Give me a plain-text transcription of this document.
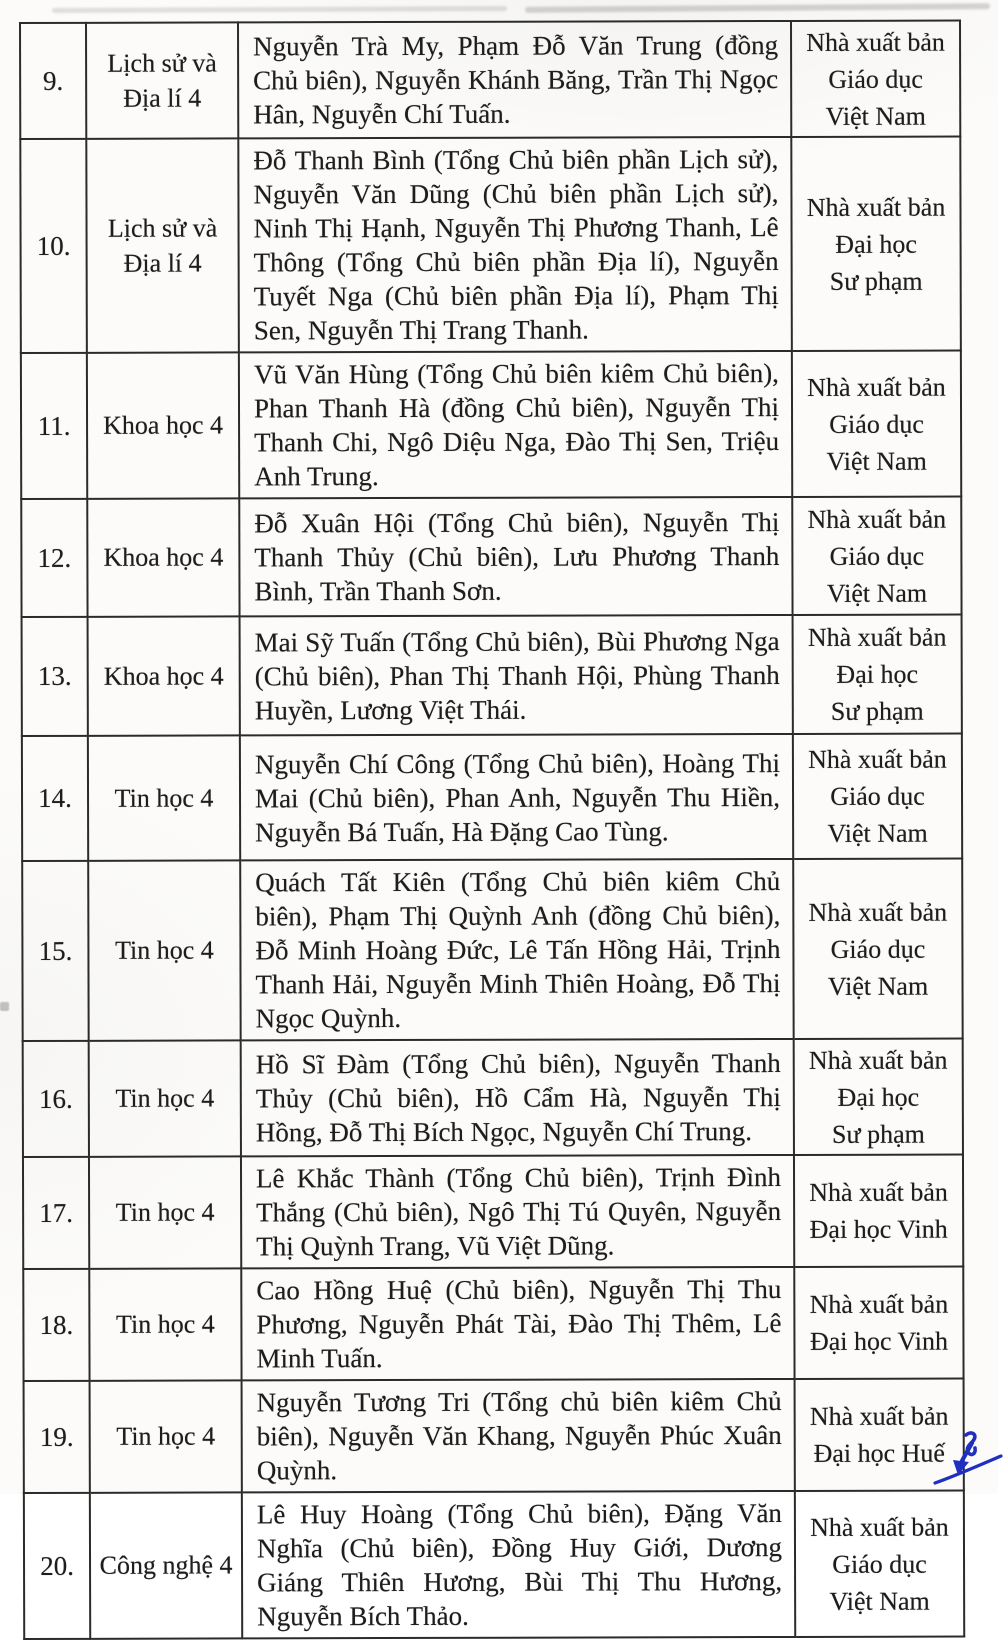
9.	Lịch sử và Địa lí 4	Nguyễn Trà My, Phạm Đỗ Văn Trung (đồng Chủ biên), Nguyễn Khánh Băng, Trần Thị Ngọc Hân, Nguyễn Chí Tuấn.	Nhà xuất bản
Giáo dục
Việt Nam

10.	Lịch sử và Địa lí 4	Đỗ Thanh Bình (Tổng Chủ biên phần Lịch sử), Nguyễn Văn Dũng (Chủ biên phần Lịch sử), Ninh Thị Hạnh, Nguyễn Thị Phương Thanh, Lê Thông (Tổng Chủ biên phần Địa lí), Nguyễn Tuyết Nga (Chủ biên phần Địa lí), Phạm Thị Sen, Nguyễn Thị Trang Thanh.	
Nhà xuất bản
Đại học
Sư phạm

11.	Khoa học 4	Vũ Văn Hùng (Tổng Chủ biên kiêm Chủ biên), Phan Thanh Hà (đồng Chủ biên), Nguyễn Thị Thanh Chi, Ngô Diệu Nga, Đào Thị Sen, Triệu Anh Trung.	Nhà xuất bản
Giáo dục
Việt Nam

12.	Khoa học 4	Đỗ Xuân Hội (Tổng Chủ biên), Nguyễn Thị Thanh Thủy (Chủ biên), Lưu Phương Thanh Bình, Trần Thanh Sơn.	Nhà xuất bản
Giáo dục
Việt Nam

13.	Khoa học 4	Mai Sỹ Tuấn (Tổng Chủ biên), Bùi Phương Nga (Chủ biên), Phan Thị Thanh Hội, Phùng Thanh Huyền, Lương Việt Thái.	Nhà xuất bản
Đại học
Sư phạm

14.	Tin học 4	Nguyễn Chí Công (Tổng Chủ biên), Hoàng Thị Mai (Chủ biên), Phan Anh, Nguyễn Thu Hiền, Nguyễn Bá Tuấn, Hà Đặng Cao Tùng.	Nhà xuất bản
Giáo dục
Việt Nam

15.	Tin học 4	Quách Tất Kiên (Tổng Chủ biên kiêm Chủ biên), Phạm Thị Quỳnh Anh (đồng Chủ biên), Đỗ Minh Hoàng Đức, Lê Tấn Hồng Hải, Trịnh Thanh Hải, Nguyễn Minh Thiên Hoàng, Đỗ Thị Ngọc Quỳnh.	Nhà xuất bản
Giáo dục
Việt Nam

16.	Tin học 4	Hồ Sĩ Đàm (Tổng Chủ biên), Nguyễn Thanh Thủy (Chủ biên), Hồ Cẩm Hà, Nguyễn Thị Hồng, Đỗ Thị Bích Ngọc, Nguyễn Chí Trung.	Nhà xuất bản
Đại học
Sư phạm

17.	Tin học 4	Lê Khắc Thành (Tổng Chủ biên), Trịnh Đình Thắng (Chủ biên), Ngô Thị Tú Quyên, Nguyễn Thị Quỳnh Trang, Vũ Việt Dũng.	Nhà xuất bản
Đại học Vinh

18.	Tin học 4	Cao Hồng Huệ (Chủ biên), Nguyễn Thị Thu Phương, Nguyễn Phát Tài, Đào Thị Thêm, Lê Minh Tuấn.	Nhà xuất bản
Đại học Vinh

19.	Tin học 4	Nguyễn Tương Tri (Tổng chủ biên kiêm Chủ biên), Nguyễn Văn Khang, Nguyễn Phúc Xuân Quỳnh.	Nhà xuất bản
Đại học Huế

20.	Công nghệ 4	Lê Huy Hoàng (Tổng Chủ biên), Đặng Văn Nghĩa (Chủ biên), Đồng Huy Giới, Dương Giáng Thiên Hương, Bùi Thị Thu Hương, Nguyễn Bích Thảo.	Nhà xuất bản
Giáo dục
Việt Nam
